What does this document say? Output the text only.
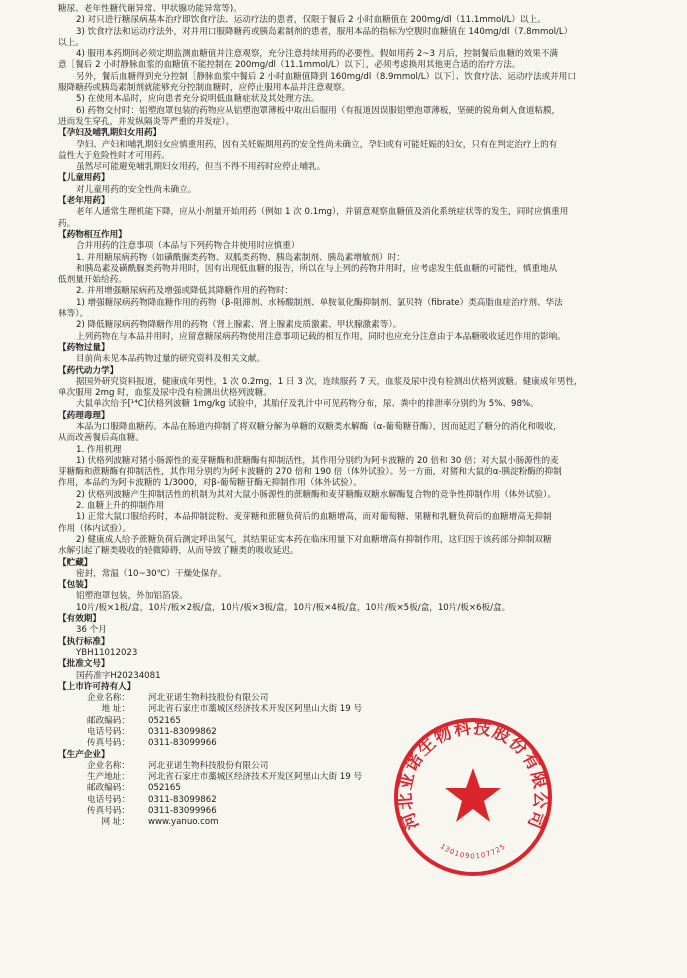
糖尿、老年性糖代谢异常、甲状腺功能异常等)。

2) 对只进行糖尿病基本治疗即饮食疗法、运动疗法的患者，仅限于餐后 2 小时血糖值在 200mg/dl（11.1mmol/L）以上。

3) 饮食疗法和运动疗法外，对并用口服降糖药或胰岛素制剂的患者，服用本品的指标为空腹时血糖值在 140mg/dl（7.8mmol/L）

以上。

4) 服用本药期间必须定期监测血糖值并注意观察，充分注意持续用药的必要性。假如用药 2~3 月后，控制餐后血糖的效果不满

意［餐后 2 小时静脉血浆的血糖值不能控制在 200mg/dl（11.1mmol/L）以下］，必须考虑换用其他更合适的治疗方法。

另外，餐后血糖得到充分控制［静脉血浆中餐后 2 小时血糖值降到 160mg/dl（8.9mmol/L）以下］、饮食疗法、运动疗法或并用口

服降糖药或胰岛素制剂就能够充分控制血糖时，应停止服用本品并注意观察。

5) 在使用本品时，应向患者充分说明低血糖症状及其处理方法。

6) 药物交付时：铝塑泡罩包装的药物应从铝塑泡罩薄板中取出后服用（有报道因误服铝塑泡罩薄板，坚硬的锐角刺入食道粘膜，

进而发生穿孔，并发纵隔炎等严重的并发症）。

【孕妇及哺乳期妇女用药】

孕妇、产妇和哺乳期妇女应慎重用药，因有关妊娠期用药的安全性尚未确立，孕妇或有可能妊娠的妇女，只有在判定治疗上的有

益性大于危险性时才可用药。

虽然尽可能避免哺乳期妇女用药，但当不得不用药时应停止哺乳。

【儿童用药】

对儿童用药的安全性尚未确立。

【老年用药】

老年人通常生理机能下降，应从小剂量开始用药（例如 1 次 0.1mg），并留意观察血糖值及消化系统症状等的发生，同时应慎重用

药。

【药物相互作用】

合并用药的注意事项（本品与下列药物合并使用时应慎重）

1. 并用糖尿病药物（如磺酰脲类药物、双胍类药物、胰岛素制剂、胰岛素增敏剂）时：

和胰岛素及磺酰脲类药物并用时，因有出现低血糖的报告，所以在与上列的药物并用时，应考虑发生低血糖的可能性，慎重地从

低剂量开始给药。

2. 并用增强糖尿病药及增强或降低其降糖作用的药物时：

1) 增强糖尿病药物降血糖作用的药物（β-阻滞剂、水杨酸制剂、单胺氧化酶抑制剂、氯贝特（fibrate）类高脂血症治疗剂、华法

林等）。

2) 降低糖尿病药物降糖作用的药物（肾上腺素、肾上腺素皮质激素、甲状腺激素等）。

上列药物在与本品并用时，应留意糖尿病药物使用注意事项记载的相互作用，同时也应充分注意由于本品糖吸收延迟作用的影响。

【药物过量】

目前尚未见本品药物过量的研究资料及相关文献。

【药代动力学】

据国外研究资料报道，健康成年男性，1 次 0.2mg，1 日 3 次，连续服药 7 天，血浆及尿中没有检测出伏格列波糖。健康成年男性，

单次服用 2mg 时，血浆及尿中没有检测出伏格列波糖。

大鼠单次给予[¹⁴C]伏格列波糖 1mg/kg 试验中，其胎仔及乳汁中可见药物分布，尿、粪中的排泄率分别约为 5%、98%。

【药理毒理】

本品为口服降血糖药。本品在肠道内抑制了将双糖分解为单糖的双糖类水解酶（α-葡萄糖苷酶），因而延迟了糖分的消化和吸收，

从而改善餐后高血糖。

1. 作用机理

1) 伏格列波糖对猪小肠源性的麦芽糖酶和蔗糖酶有抑制活性，其作用分别约为阿卡波糖的 20 倍和 30 倍；对大鼠小肠源性的麦

芽糖酶和蔗糖酶有抑制活性，其作用分别约为阿卡波糖的 270 倍和 190 倍（体外试验）。另一方面，对猪和大鼠的α-胰淀粉酶的抑制

作用，本品约为阿卡波糖的 1/3000，对β-葡萄糖苷酶无抑制作用（体外试验）。

2) 伏格列波糖产生抑制活性的机制为其对大鼠小肠源性的蔗糖酶和麦芽糖酶双糖水解酶复合物的竞争性抑制作用（体外试验）。

2. 血糖上升的抑制作用

1) 正常大鼠口服给药时，本品抑制淀粉、麦芽糖和蔗糖负荷后的血糖增高，而对葡萄糖、果糖和乳糖负荷后的血糖增高无抑制

作用（体内试验）。

2) 健康成人给予蔗糖负荷后测定呼出氢气，其结果证实本药在临床用量下对血糖增高有抑制作用，这归因于该药部分抑制双糖

水解引起了糖类吸收的轻微障碍，从而导致了糖类的吸收延迟。

【贮藏】

密封，常温（10~30℃）干燥处保存。

【包装】

铝塑泡罩包装，外加铝箔袋。

10片/板×1板/盒，10片/板×2板/盒，10片/板×3板/盒，10片/板×4板/盒，10片/板×5板/盒，10片/板×6板/盒。

【有效期】

36 个月

【执行标准】

YBH11012023

【批准文号】

国药准字H20234081

【上市许可持有人】

企业名称：	河北亚诺生物科技股份有限公司
地 址：	河北省石家庄市藁城区经济技术开发区阿里山大街 19 号
邮政编码：	052165
电话号码：	0311-83099862
传真号码：	0311-83099966

【生产企业】

企业名称：	河北亚诺生物科技股份有限公司
生产地址：	河北省石家庄市藁城区经济技术开发区阿里山大街 19 号
邮政编码：	052165
电话号码：	0311-83099862
传真号码：	0311-83099966
网 址：	www.yanuo.com	河北亚诺生物科技股份有限公司
1301090107725
